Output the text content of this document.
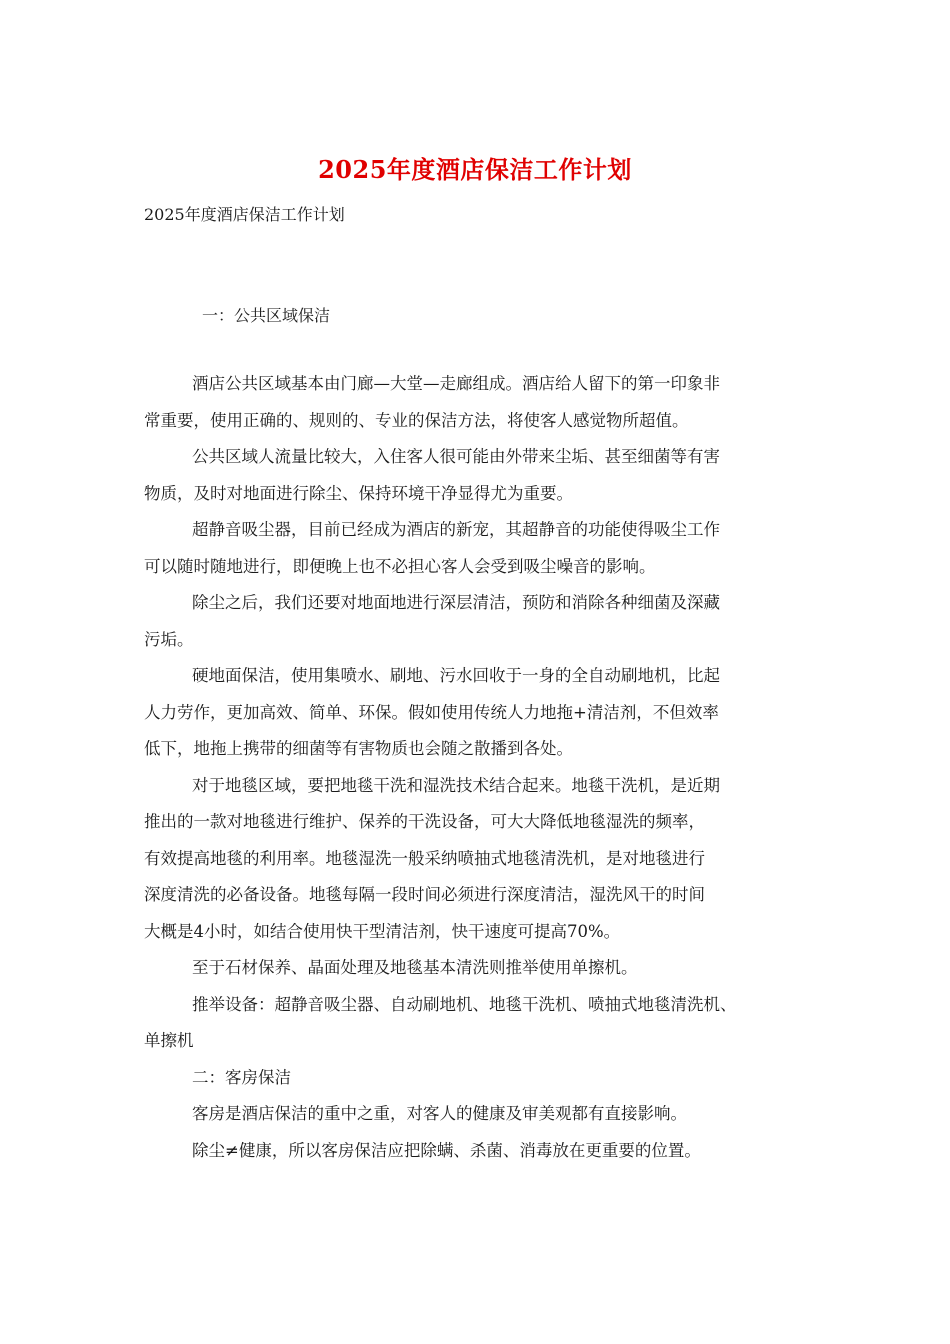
2025年度酒店保洁工作计划

2025年度酒店保洁工作计划

一：公共区域保洁

酒店公共区域基本由门廊—大堂—走廊组成。酒店给人留下的第一印象非
常重要，使用正确的、规则的、专业的保洁方法，将使客人感觉物所超值。
公共区域人流量比较大，入住客人很可能由外带来尘垢、甚至细菌等有害
物质，及时对地面进行除尘、保持环境干净显得尤为重要。
超静音吸尘器，目前已经成为酒店的新宠，其超静音的功能使得吸尘工作
可以随时随地进行，即便晚上也不必担心客人会受到吸尘噪音的影响。
除尘之后，我们还要对地面地进行深层清洁，预防和消除各种细菌及深藏
污垢。
硬地面保洁，使用集喷水、刷地、污水回收于一身的全自动刷地机，比起
人力劳作，更加高效、简单、环保。假如使用传统人力地拖+清洁剂，不但效率
低下，地拖上携带的细菌等有害物质也会随之散播到各处。
对于地毯区域，要把地毯干洗和湿洗技术结合起来。地毯干洗机，是近期
推出的一款对地毯进行维护、保养的干洗设备，可大大降低地毯湿洗的频率，
有效提高地毯的利用率。地毯湿洗一般采纳喷抽式地毯清洗机，是对地毯进行
深度清洗的必备设备。地毯每隔一段时间必须进行深度清洁，湿洗风干的时间
大概是4小时，如结合使用快干型清洁剂，快干速度可提高70%。
至于石材保养、晶面处理及地毯基本清洗则推举使用单擦机。
推举设备：超静音吸尘器、自动刷地机、地毯干洗机、喷抽式地毯清洗机、
单擦机
二：客房保洁
客房是酒店保洁的重中之重，对客人的健康及审美观都有直接影响。
除尘≠健康，所以客房保洁应把除螨、杀菌、消毒放在更重要的位置。
